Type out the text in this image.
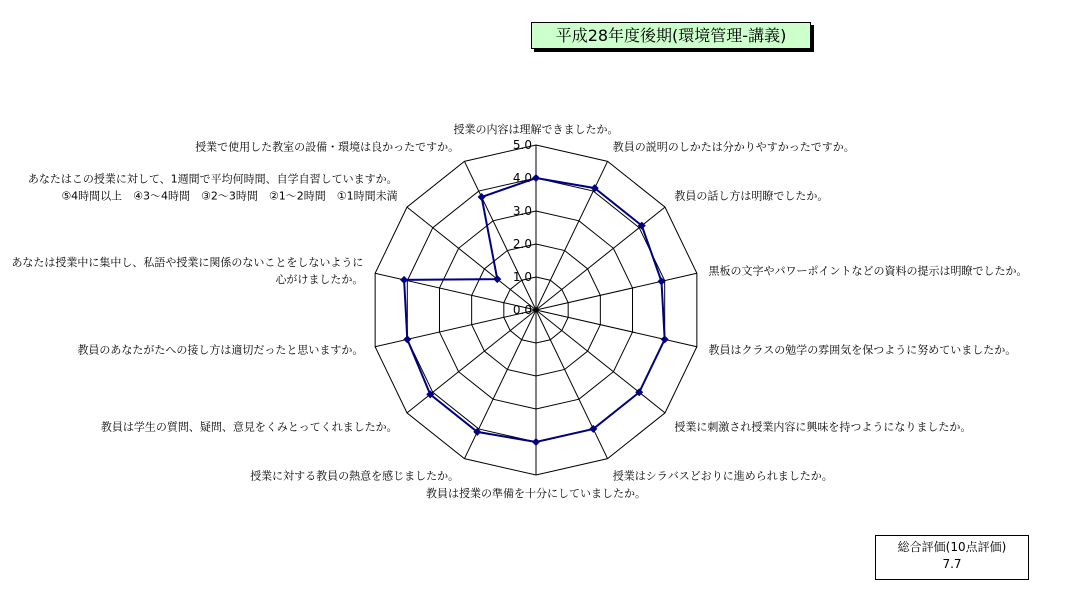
平成28年度後期(環境管理-講義)
0.0
1.0
2.0
3.0
4.0
5.0
授業の内容は理解できましたか。
教員の説明のしかたは分かりやすかったですか。
教員の話し方は明瞭でしたか。
黒板の文字やパワーポイントなどの資料の提示は明瞭でしたか。
教員はクラスの勉学の雰囲気を保つように努めていましたか。
授業に刺激され授業内容に興味を持つようになりましたか。
授業はシラバスどおりに進められましたか。
教員は授業の準備を十分にしていましたか。
授業に対する教員の熱意を感じましたか。
教員は学生の質問、疑問、意見をくみとってくれましたか。
教員のあなたがたへの接し方は適切だったと思いますか。
あなたは授業中に集中し、私語や授業に関係のないことをしないように
心がけましたか。
あなたはこの授業に対して、1週間で平均何時間、自学自習していますか。
⑤4時間以上　④3～4時間　③2～3時間　②1～2時間　①1時間未満
授業で使用した教室の設備・環境は良かったですか。
総合評価(10点評価)
7.7
